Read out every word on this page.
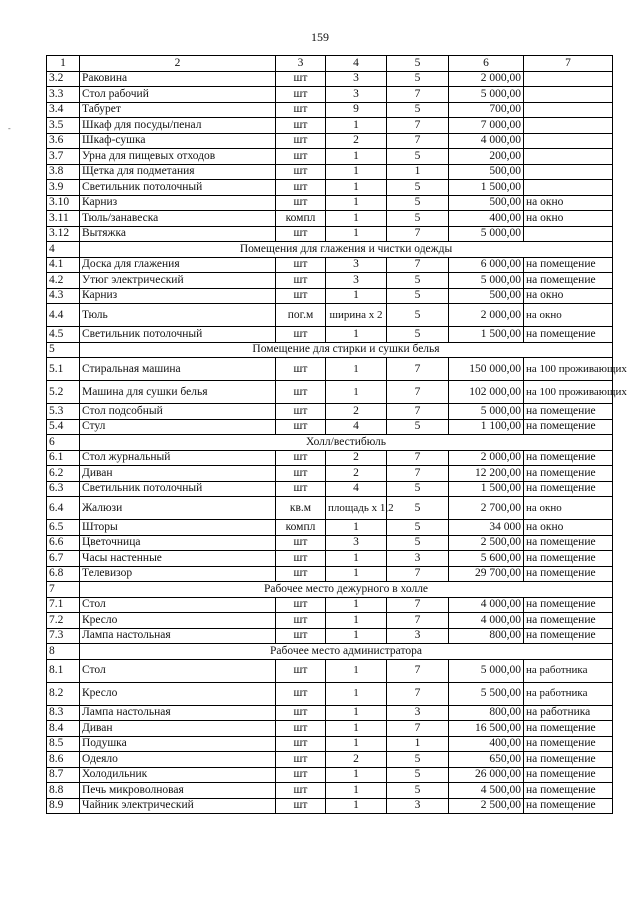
159
-
1	2	3	4	5	6	7
3.2	Раковина	шт	3	5	2 000,00	
3.3	Стол рабочий	шт	3	7	5 000,00	
3.4	Табурет	шт	9	5	700,00	
3.5	Шкаф для посуды/пенал	шт	1	7	7 000,00	
3.6	Шкаф-сушка	шт	2	7	4 000,00	
3.7	Урна для пищевых отходов	шт	1	5	200,00	
3.8	Щетка для подметания	шт	1	1	500,00	
3.9	Светильник потолочный	шт	1	5	1 500,00	
3.10	Карниз	шт	1	5	500,00	на окно
3.11	Тюль/занавеска	компл	1	5	400,00	на окно
3.12	Вытяжка	шт	1	7	5 000,00	
4	Помещения для глажения и чистки одежды					
4.1	Доска для глажения	шт	3	7	6 000,00	на помещение
4.2	Утюг электрический	шт	3	5	5 000,00	на помещение
4.3	Карниз	шт	1	5	500,00	на окно
4.4	Тюль	пог.м	ширина х 2	5	2 000,00	на окно
4.5	Светильник потолочный	шт	1	5	1 500,00	на помещение
5	Помещение для стирки и сушки белья					
5.1	Стиральная машина	шт	1	7	150 000,00	на 100 проживающих
5.2	Машина для сушки белья	шт	1	7	102 000,00	на 100 проживающих
5.3	Стол подсобный	шт	2	7	5 000,00	на помещение
5.4	Стул	шт	4	5	1 100,00	на помещение
6	Холл/вестибюль					
6.1	Стол журнальный	шт	2	7	2 000,00	на помещение
6.2	Диван	шт	2	7	12 200,00	на помещение
6.3	Светильник потолочный	шт	4	5	1 500,00	на помещение
6.4	Жалюзи	кв.м	площадь х 1,2	5	2 700,00	на окно
6.5	Шторы	компл	1	5	34 000	на окно
6.6	Цветочница	шт	3	5	2 500,00	на помещение
6.7	Часы настенные	шт	1	3	5 600,00	на помещение
6.8	Телевизор	шт	1	7	29 700,00	на помещение
7	Рабочее место дежурного в холле					
7.1	Стол	шт	1	7	4 000,00	на помещение
7.2	Кресло	шт	1	7	4 000,00	на помещение
7.3	Лампа настольная	шт	1	3	800,00	на помещение
8	Рабочее место администратора					
8.1	Стол	шт	1	7	5 000,00	на работника
8.2	Кресло	шт	1	7	5 500,00	на работника
8.3	Лампа настольная	шт	1	3	800,00	на работника
8.4	Диван	шт	1	7	16 500,00	на помещение
8.5	Подушка	шт	1	1	400,00	на помещение
8.6	Одеяло	шт	2	5	650,00	на помещение
8.7	Холодильник	шт	1	5	26 000,00	на помещение
8.8	Печь микроволновая	шт	1	5	4 500,00	на помещение
8.9	Чайник электрический	шт	1	3	2 500,00	на помещение
